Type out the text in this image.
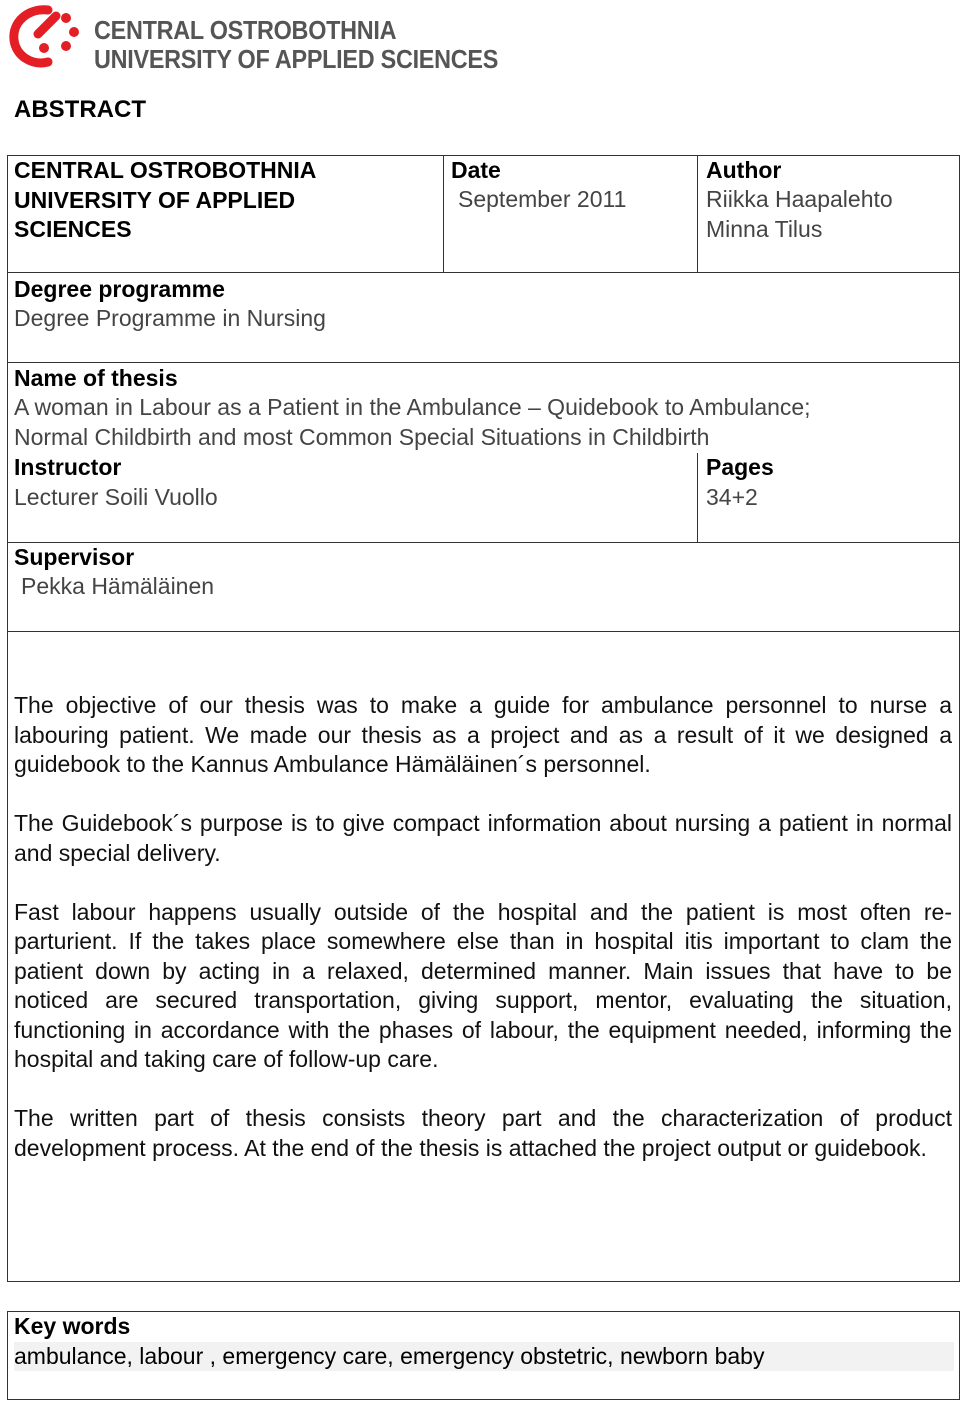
CENTRAL OSTROBOTHNIA
UNIVERSITY OF APPLIED SCIENCES
ABSTRACT
CENTRAL OSTROBOTHNIA
UNIVERSITY OF APPLIED
SCIENCES
Date
September 2011
Author
Riikka Haapalehto
Minna Tilus
Degree programme
Degree Programme in Nursing
Name of thesis
A woman in Labour as a Patient in the Ambulance – Quidebook to Ambulance;
Normal Childbirth and most Common Special Situations in Childbirth
Instructor
Lecturer Soili Vuollo
Pages
34+2
Supervisor
Pekka Hämäläinen

The objective of our thesis was to make a guide for ambulance personnel to nurse a labouring patient. We made our thesis as a project and as a result of it we designed a guidebook to the Kannus Ambulance Hämäläinen´s personnel.

The Guidebook´s purpose is to give compact information about nursing a patient in normal and special delivery.

Fast labour happens usually outside of the hospital and the patient is most often re-parturient. If the takes place somewhere else than in hospital itis important to clam the patient down by acting in a relaxed, determined manner. Main issues that have to be noticed are secured transportation, giving support, mentor, evaluating the situation, functioning in accordance with the phases of labour, the equipment needed, informing the hospital and taking care of follow-up care.

The written part of thesis consists theory part and the characterization of product development process. At the end of the thesis is attached the project output or guidebook.

Key words
ambulance, labour , emergency care, emergency obstetric, newborn baby
